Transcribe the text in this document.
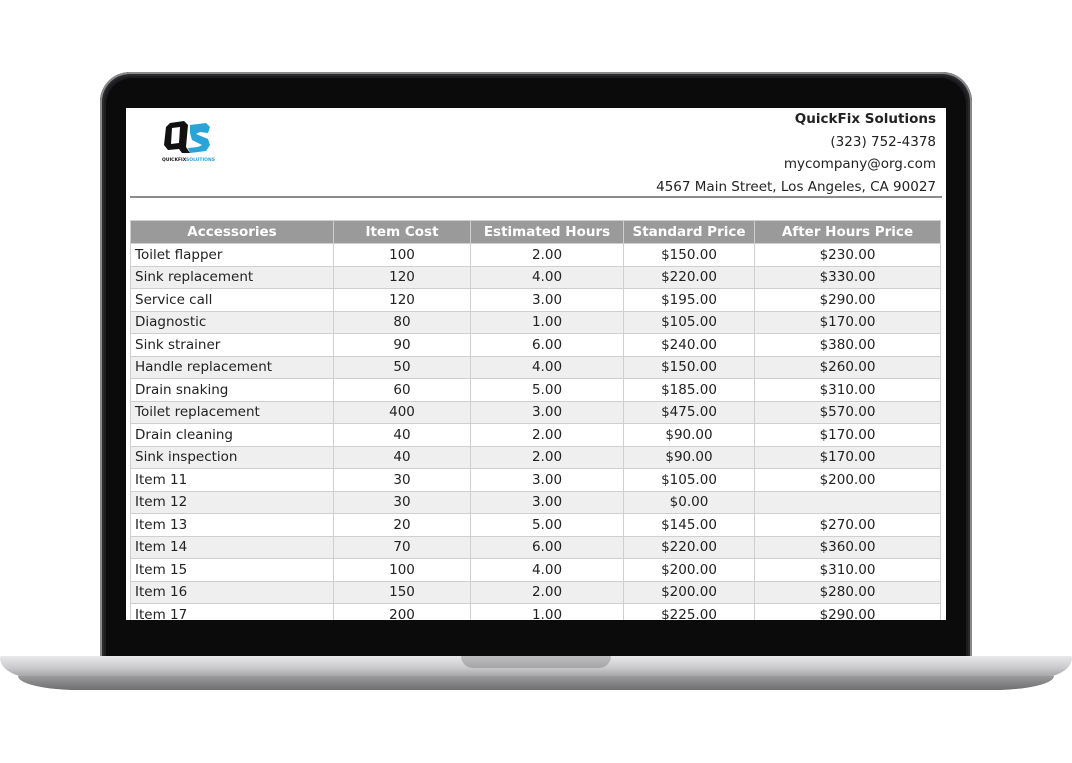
QUICKFIX SOLUTIONS
QuickFix Solutions
(323) 752-4378
mycompany@org.com
4567 Main Street, Los Angeles, CA 90027
Accessories	Item Cost	Estimated Hours	Standard Price	After Hours Price
Toilet flapper	100	2.00	$150.00	$230.00
Sink replacement	120	4.00	$220.00	$330.00
Service call	120	3.00	$195.00	$290.00
Diagnostic	80	1.00	$105.00	$170.00
Sink strainer	90	6.00	$240.00	$380.00
Handle replacement	50	4.00	$150.00	$260.00
Drain snaking	60	5.00	$185.00	$310.00
Toilet replacement	400	3.00	$475.00	$570.00
Drain cleaning	40	2.00	$90.00	$170.00
Sink inspection	40	2.00	$90.00	$170.00
Item 11	30	3.00	$105.00	$200.00
Item 12	30	3.00	$0.00	
Item 13	20	5.00	$145.00	$270.00
Item 14	70	6.00	$220.00	$360.00
Item 15	100	4.00	$200.00	$310.00
Item 16	150	2.00	$200.00	$280.00
Item 17	200	1.00	$225.00	$290.00
